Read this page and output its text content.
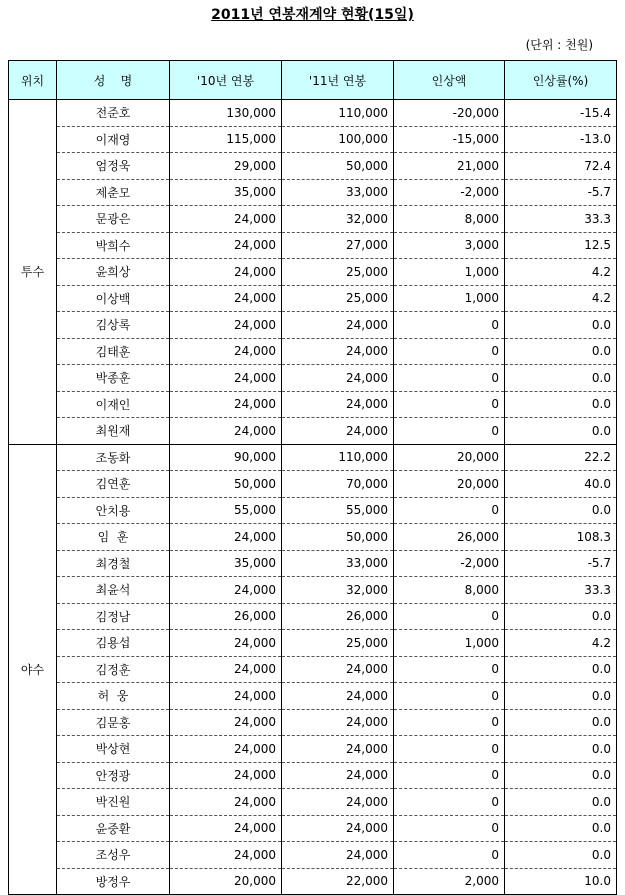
2011년 연봉재계약 현황(15일)
(단위 : 천원)
위치	성    명	'10년 연봉	'11년 연봉	인상액	인상률(%)
투수	전준호	130,000	110,000	-20,000	-15.4
	이재영	115,000	100,000	-15,000	-13.0
	엄정욱	29,000	50,000	21,000	72.4
	제춘모	35,000	33,000	-2,000	-5.7
	문광은	24,000	32,000	8,000	33.3
	박희수	24,000	27,000	3,000	12.5
	윤희상	24,000	25,000	1,000	4.2
	이상백	24,000	25,000	1,000	4.2
	김상록	24,000	24,000	0	0.0
	김태훈	24,000	24,000	0	0.0
	박종훈	24,000	24,000	0	0.0
	이재인	24,000	24,000	0	0.0
	최원재	24,000	24,000	0	0.0
야수	조동화	90,000	110,000	20,000	22.2
	김연훈	50,000	70,000	20,000	40.0
	안치용	55,000	55,000	0	0.0
	임  훈	24,000	50,000	26,000	108.3
	최경철	35,000	33,000	-2,000	-5.7
	최윤석	24,000	32,000	8,000	33.3
	김정남	26,000	26,000	0	0.0
	김용섭	24,000	25,000	1,000	4.2
	김정훈	24,000	24,000	0	0.0
	허  웅	24,000	24,000	0	0.0
	김문홍	24,000	24,000	0	0.0
	박상현	24,000	24,000	0	0.0
	안정광	24,000	24,000	0	0.0
	박진원	24,000	24,000	0	0.0
	윤중환	24,000	24,000	0	0.0
	조성우	24,000	24,000	0	0.0
	방정우	20,000	22,000	2,000	10.0
